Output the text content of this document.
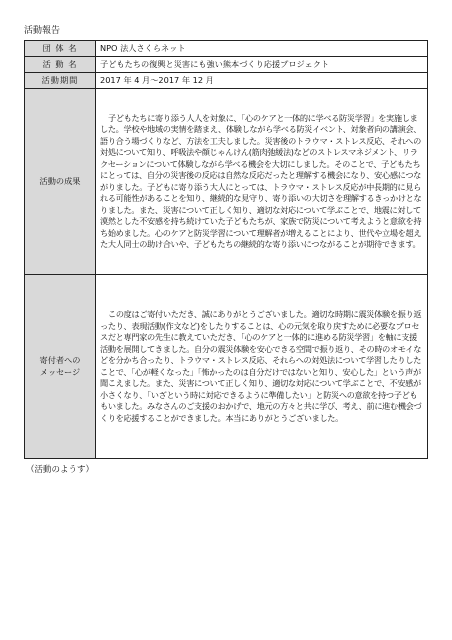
活動報告
団 体 名	NPO 法人さくらネット
活 動 名	子どもたちの復興と災害にも強い熊本づくり応援プロジェクト
活動期間	2017 年 4 月～2017 年 12 月
活動の成果	子どもたちに寄り添う人人を対象に、「心のケアと一体的に学べる防災学習」を実施しました。学校や地域の実情を踏まえ、体験しながら学べる防災イベント、対象者向の講演会、語り合う場づくりなど、方法を工夫しました。災害後のトラウマ・ストレス反応、それへの対処について知り、呼吸法や顔じゃんけん(筋肉弛緩法)などのストレスマネジメント、リラクセーションについて体験しながら学べる機会を大切にしました。そのことで、子どもたちにとっては、自分の災害後の反応は自然な反応だったと理解する機会になり、安心感につながりました。子どもに寄り添う大人にとっては、トラウマ・ストレス反応が中長期的に見られる可能性があることを知り、継続的な見守り、寄り添いの大切さを理解するきっかけとなりました。また、災害について正しく知り、適切な対応について学ぶことで、地震に対して漠然とした不安感を持ち続けていた子どもたちが、家族で防災について考えようと意欲を持ち始めました。心のケアと防災学習について理解者が増えることにより、世代や立場を超えた大人同士の助け合いや、子どもたちの継続的な寄り添いにつながることが期待できます。

寄付者への
メッセージ	この度はご寄付いただき、誠にありがとうございました。適切な時期に震災体験を振り返ったり、表現活動(作文など)をしたりすることは、心の元気を取り戻すために必要なプロセスだと専門家の先生に教えていただき、「心のケアと一体的に進める防災学習」を軸に支援活動を展開してきました。自分の震災体験を安心できる空間で振り返り、その時のオモイなどを分かち合ったり、トラウマ・ストレス反応、それらへの対処法について学習したりしたことで、「心が軽くなった」「怖かったのは自分だけではないと知り、安心した」という声が聞こえました。また、災害について正しく知り、適切な対応について学ぶことで、不安感が小さくなり、「いざという時に対応できるように準備したい」と防災への意欲を持つ子どももいました。みなさんのご支援のおかげで、地元の方々と共に学び、考え、前に進む機会づくりを応援することができました。本当にありがとうございました。
（活動のようす）
